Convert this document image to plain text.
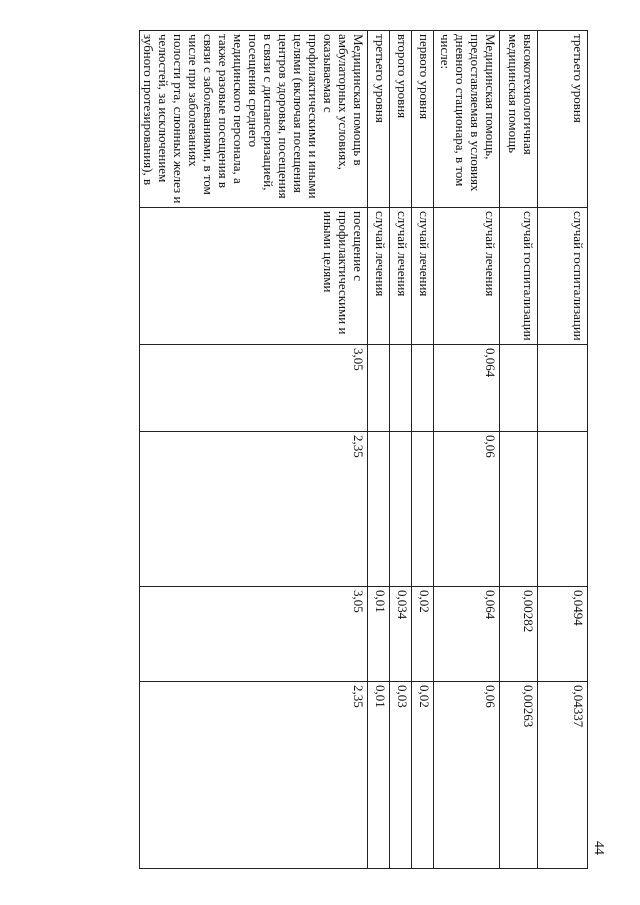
44
третьего уровня	случай госпитализации			0,0494	0,04337
высокотехнологичная медицинская помощь	случай госпитализации			0,00282	0,00263
Медицинская помощь, предоставляемая в условиях дневного стационара, в том числе:	случай лечения	0,064	0,06	0,064	0,06
первого уровня	случай лечения			0,02	0,02
второго уровня	случай лечения			0,034	0,03
третьего уровня	случай лечения			0,01	0,01
Медицинская помощь в амбулаторных условиях, оказываемая с профилактическими и иными целями (включая посещения центров здоровья, посещения в связи с диспансеризацией, посещения среднего медицинского персонала, а также разовые посещения в связи с заболеваниями, в том числе при заболеваниях полости рта, слюнных желез и челюстей, за исключением зубного протезирования), в	посещение с профилактическими и иными целями	3,05	2,35	3,05	2,35
